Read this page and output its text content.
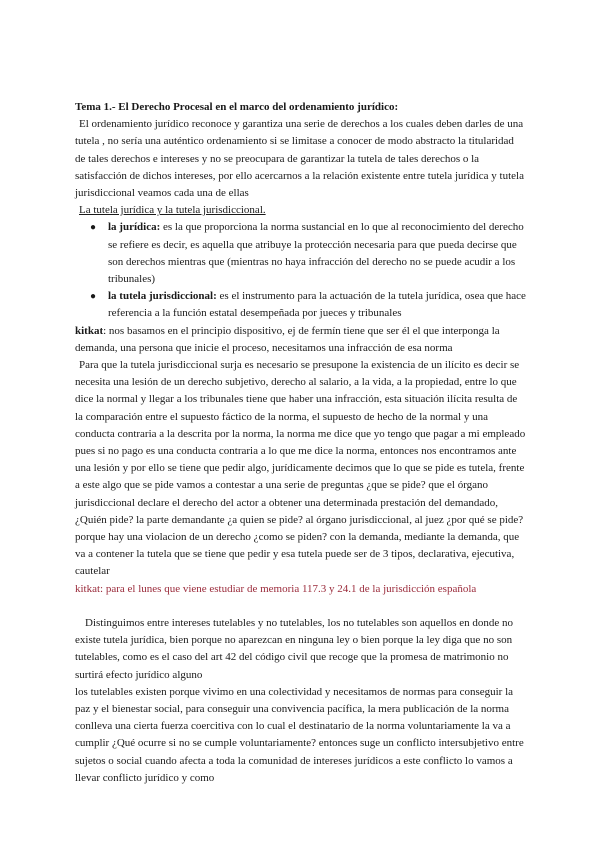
Tema 1.- El Derecho Procesal en el marco del ordenamiento jurídico:

El ordenamiento jurídico reconoce y garantiza una serie de derechos a los cuales deben darles de una tutela , no sería una auténtico ordenamiento si se limitase a conocer de modo abstracto la titularidad de tales derechos e intereses y no se preocupara de garantizar la tutela de tales derechos o la satisfacción de dichos intereses, por ello acercarnos a la relación existente entre tutela jurídica y tutela jurisdiccional veamos cada una de ellas

La tutela jurídica y la tutela jurisdiccional.

● la jurídica: es la que proporciona la norma sustancial en lo que al reconocimiento del derecho se refiere es decir, es aquella que atribuye la protección necesaria para que pueda decirse que son derechos mientras que (mientras no haya infracción del derecho no se puede acudir a los tribunales)
● la tutela jurisdiccional: es el instrumento para la actuación de la tutela jurídica, osea que hace referencia a la función estatal desempeñada por jueces y tribunales

kitkat: nos basamos en el principio dispositivo, ej de fermín tiene que ser él el que interponga la demanda, una persona que inicie el proceso, necesitamos una infracción de esa norma

Para que la tutela jurisdiccional surja es necesario se presupone la existencia de un ilícito es decir se necesita una lesión de un derecho subjetivo, derecho al salario, a la vida, a la propiedad, entre lo que dice la normal y llegar a los tribunales tiene que haber una infracción, esta situación ilícita resulta de la comparación entre el supuesto fáctico de la norma, el supuesto de hecho de la normal y una conducta contraria a la descrita por la norma, la norma me dice que yo tengo que pagar a mi empleado pues si no pago es una conducta contraria a lo que me dice la norma, entonces nos encontramos ante una lesión y por ello se tiene que pedir algo, jurídicamente decimos que lo que se pide es tutela, frente a este algo que se pide vamos a contestar a una serie de preguntas ¿que se pide? que el órgano jurisdiccional declare el derecho del actor a obtener una determinada prestación del demandado, ¿Quién pide? la parte demandante ¿a quien se pide? al órgano jurisdiccional, al juez ¿por qué se pide? porque hay una violacion de un derecho ¿como se piden? con la demanda, mediante la demanda, que va a contener la tutela que se tiene que pedir y esa tutela puede ser de 3 tipos, declarativa, ejecutiva, cautelar

kitkat: para el lunes que viene estudiar de memoria 117.3 y 24.1 de la jurisdicción española

Distinguimos entre intereses tutelables y no tutelables, los no tutelables son aquellos en donde no existe tutela jurídica, bien porque no aparezcan en ninguna ley o bien porque la ley diga que no son tutelables, como es el caso del art 42 del código civil que recoge que la promesa de matrimonio no surtirá efecto jurídico alguno

los tutelables existen porque vivimo en una colectividad y necesitamos de normas para conseguir la paz y el bienestar social, para conseguir una convivencia pacífica, la mera publicación de la norma conlleva una cierta fuerza coercitiva con lo cual el destinatario de la norma voluntariamente la va a cumplir ¿Qué ocurre si no se cumple voluntariamente? entonces suge un conflicto intersubjetivo entre sujetos o social cuando afecta a toda la comunidad de intereses jurídicos a este conflicto lo vamos a llevar conflicto jurídico y como
